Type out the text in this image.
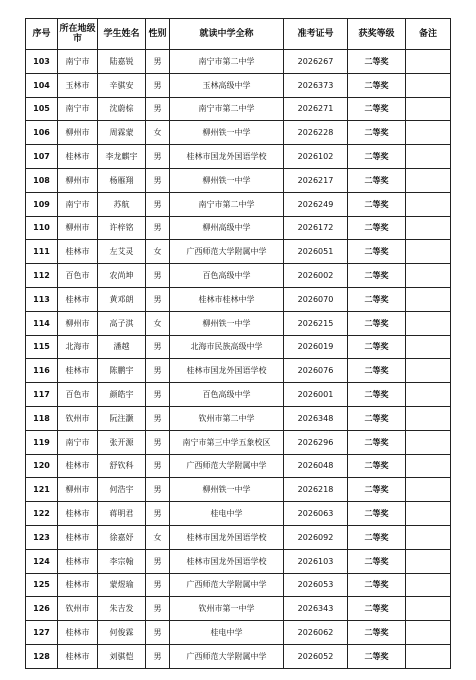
序号	所在地级市	学生姓名	性别	就读中学全称	准考证号	获奖等级	备注
103	南宁市	陆嘉锐	男	南宁市第二中学	2026267	二等奖	
104	玉林市	辛骐安	男	玉林高级中学	2026373	二等奖	
105	南宁市	沈蔚棕	男	南宁市第二中学	2026271	二等奖	
106	柳州市	周霖蒙	女	柳州铁一中学	2026228	二等奖	
107	桂林市	李龙麒宇	男	桂林市国龙外国语学校	2026102	二等奖	
108	柳州市	杨雁翔	男	柳州铁一中学	2026217	二等奖	
109	南宁市	苏航	男	南宁市第二中学	2026249	二等奖	
110	柳州市	许梓铭	男	柳州高级中学	2026172	二等奖	
111	桂林市	左艾灵	女	广西师范大学附属中学	2026051	二等奖	
112	百色市	农尚坤	男	百色高级中学	2026002	二等奖	
113	桂林市	黄邓朗	男	桂林市桂林中学	2026070	二等奖	
114	柳州市	高子淇	女	柳州铁一中学	2026215	二等奖	
115	北海市	潘越	男	北海市民族高级中学	2026019	二等奖	
116	桂林市	陈鹏宇	男	桂林市国龙外国语学校	2026076	二等奖	
117	百色市	颜皓宇	男	百色高级中学	2026001	二等奖	
118	钦州市	阮注灏	男	钦州市第二中学	2026348	二等奖	
119	南宁市	张开源	男	南宁市第三中学五象校区	2026296	二等奖	
120	桂林市	舒钦科	男	广西师范大学附属中学	2026048	二等奖	
121	柳州市	何浩宇	男	柳州铁一中学	2026218	二等奖	
122	桂林市	蒋明君	男	桂电中学	2026063	二等奖	
123	桂林市	徐嘉妤	女	桂林市国龙外国语学校	2026092	二等奖	
124	桂林市	李宗翰	男	桂林市国龙外国语学校	2026103	二等奖	
125	桂林市	蒙煜瑜	男	广西师范大学附属中学	2026053	二等奖	
126	钦州市	朱吉发	男	钦州市第一中学	2026343	二等奖	
127	桂林市	何俊霖	男	桂电中学	2026062	二等奖	
128	桂林市	刘骐恺	男	广西师范大学附属中学	2026052	二等奖	
